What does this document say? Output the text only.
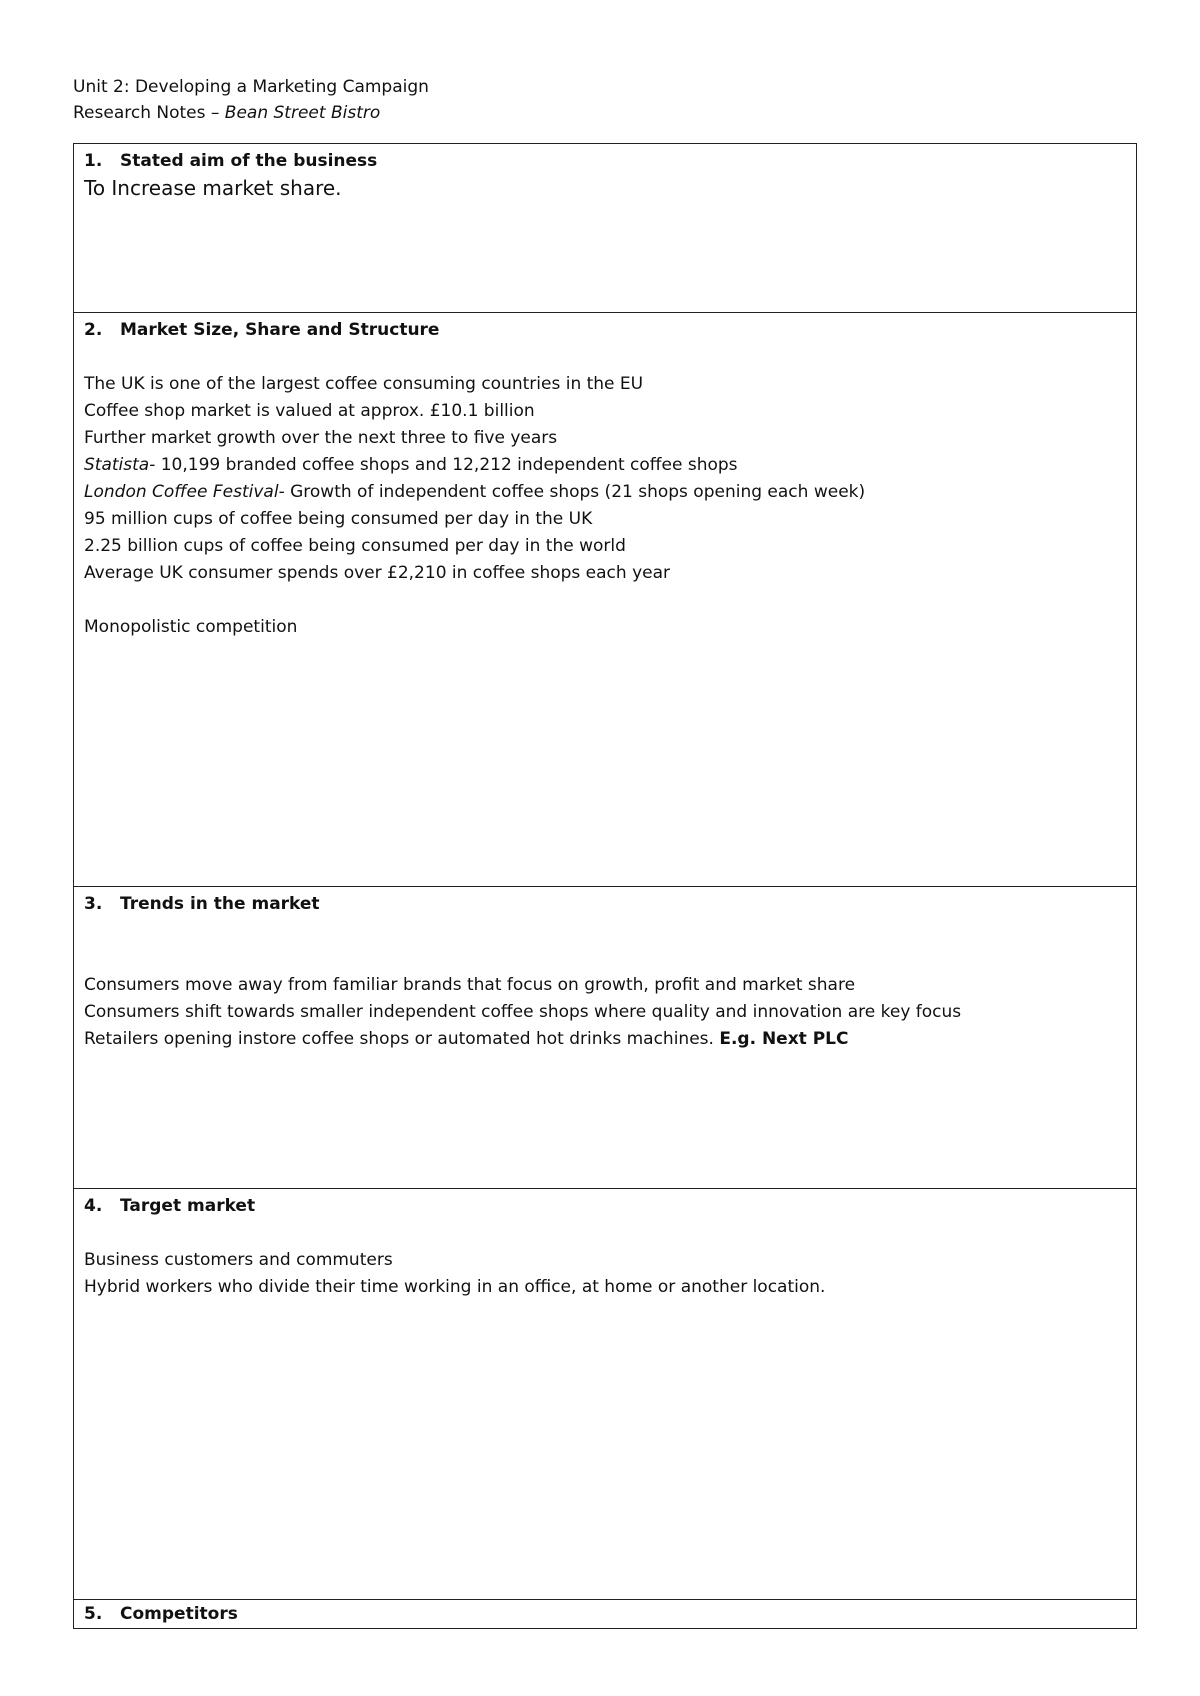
Unit 2: Developing a Marketing Campaign
Research Notes – Bean Street Bistro
1. Stated aim of the business
To Increase market share.

2. Market Size, Share and Structure
The UK is one of the largest coffee consuming countries in the EU
Coffee shop market is valued at approx. £10.1 billion
Further market growth over the next three to five years
Statista- 10,199 branded coffee shops and 12,212 independent coffee shops
London Coffee Festival- Growth of independent coffee shops (21 shops opening each week)
95 million cups of coffee being consumed per day in the UK
2.25 billion cups of coffee being consumed per day in the world
Average UK consumer spends over £2,210 in coffee shops each year
Monopolistic competition

3. Trends in the market
Consumers move away from familiar brands that focus on growth, profit and market share
Consumers shift towards smaller independent coffee shops where quality and innovation are key focus
Retailers opening instore coffee shops or automated hot drinks machines. E.g. Next PLC

4. Target market
Business customers and commuters
Hybrid workers who divide their time working in an office, at home or another location.

5. Competitors
